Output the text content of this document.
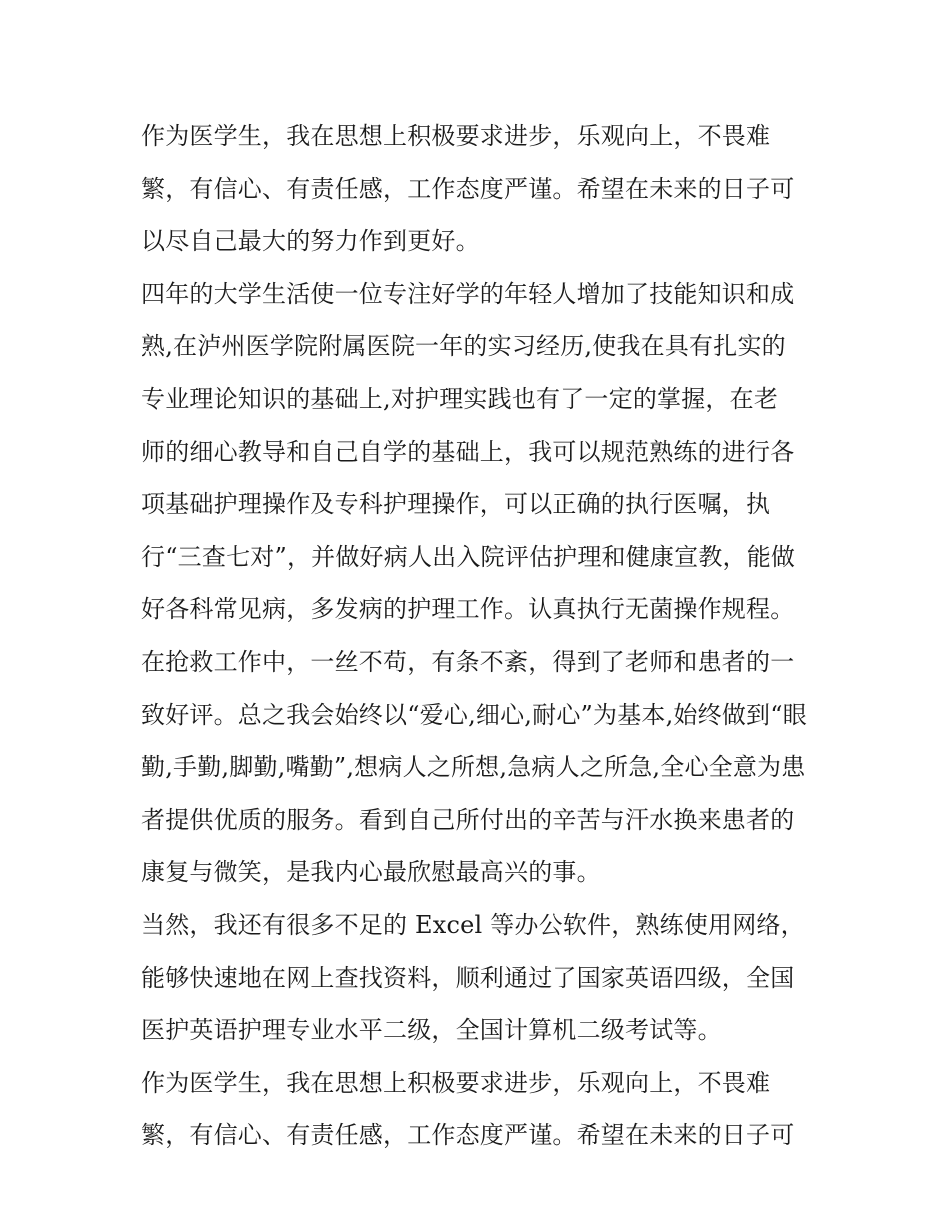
作为医学生，我在思想上积极要求进步，乐观向上，不畏难
繁，有信心、有责任感，工作态度严谨。希望在未来的日子可
以尽自己最大的努力作到更好。
四年的大学生活使一位专注好学的年轻人增加了技能知识和成
熟,在泸州医学院附属医院一年的实习经历,使我在具有扎实的
专业理论知识的基础上,对护理实践也有了一定的掌握，在老
师的细心教导和自己自学的基础上，我可以规范熟练的进行各
项基础护理操作及专科护理操作，可以正确的执行医嘱，执
行“三查七对”，并做好病人出入院评估护理和健康宣教，能做
好各科常见病，多发病的护理工作。认真执行无菌操作规程。
在抢救工作中，一丝不苟，有条不紊，得到了老师和患者的一
致好评。总之我会始终以“爱心,细心,耐心”为基本,始终做到“眼
勤,手勤,脚勤,嘴勤”,想病人之所想,急病人之所急,全心全意为患
者提供优质的服务。看到自己所付出的辛苦与汗水换来患者的
康复与微笑，是我内心最欣慰最高兴的事。
当然，我还有很多不足的 Excel 等办公软件，熟练使用网络，
能够快速地在网上查找资料，顺利通过了国家英语四级，全国
医护英语护理专业水平二级，全国计算机二级考试等。
作为医学生，我在思想上积极要求进步，乐观向上，不畏难
繁，有信心、有责任感，工作态度严谨。希望在未来的日子可
